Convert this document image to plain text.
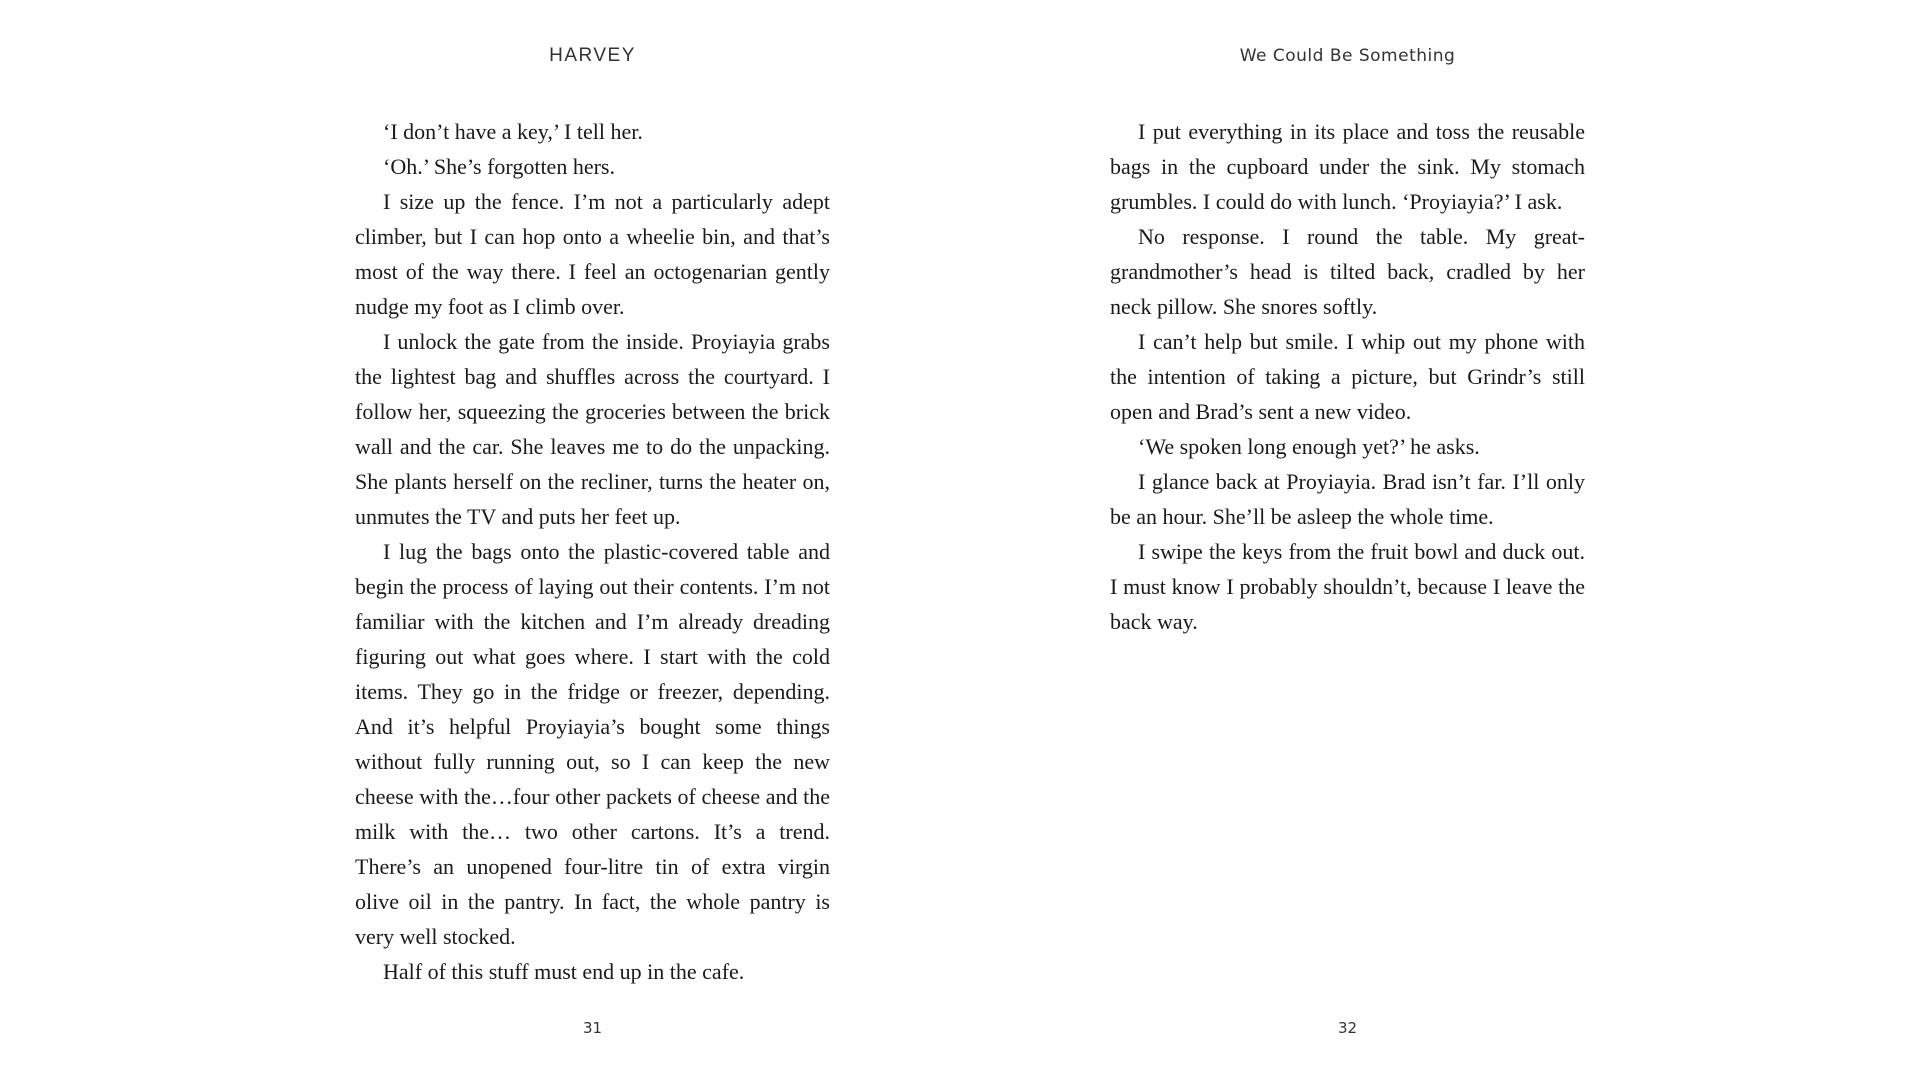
HARVEY

‘I don’t have a key,’ I tell her.

‘Oh.’ She’s forgotten hers.

I size up the fence. I’m not a particularly adept climber, but I can hop onto a wheelie bin, and that’s most of the way there. I feel an octogenarian gently nudge my foot as I climb over.

I unlock the gate from the inside. Proyiayia grabs the lightest bag and shuffles across the courtyard. I follow her, squeezing the groceries between the brick wall and the car. She leaves me to do the unpacking. She plants herself on the recliner, turns the heater on, unmutes the TV and puts her feet up.

I lug the bags onto the plastic-covered table and begin the process of laying out their contents. I’m not familiar with the kitchen and I’m already dreading figuring out what goes where. I start with the cold items. They go in the fridge or freezer, depending. And it’s helpful Proyiayia’s bought some things without fully running out, so I can keep the new cheese with the…four other packets of cheese and the milk with the… two other cartons. It’s a trend. There’s an unopened four-litre tin of extra virgin olive oil in the pantry. In fact, the whole pantry is very well stocked.

Half of this stuff must end up in the cafe.

31
We Could Be Something

I put everything in its place and toss the reusable bags in the cupboard under the sink. My stomach grumbles. I could do with lunch. ‘Proyiayia?’ I ask.

No response. I round the table. My great-grandmother’s head is tilted back, cradled by her neck pillow. She snores softly.

I can’t help but smile. I whip out my phone with the intention of taking a picture, but Grindr’s still open and Brad’s sent a new video.

‘We spoken long enough yet?’ he asks.

I glance back at Proyiayia. Brad isn’t far. I’ll only be an hour. She’ll be asleep the whole time.

I swipe the keys from the fruit bowl and duck out. I must know I probably shouldn’t, because I leave the back way.

32
